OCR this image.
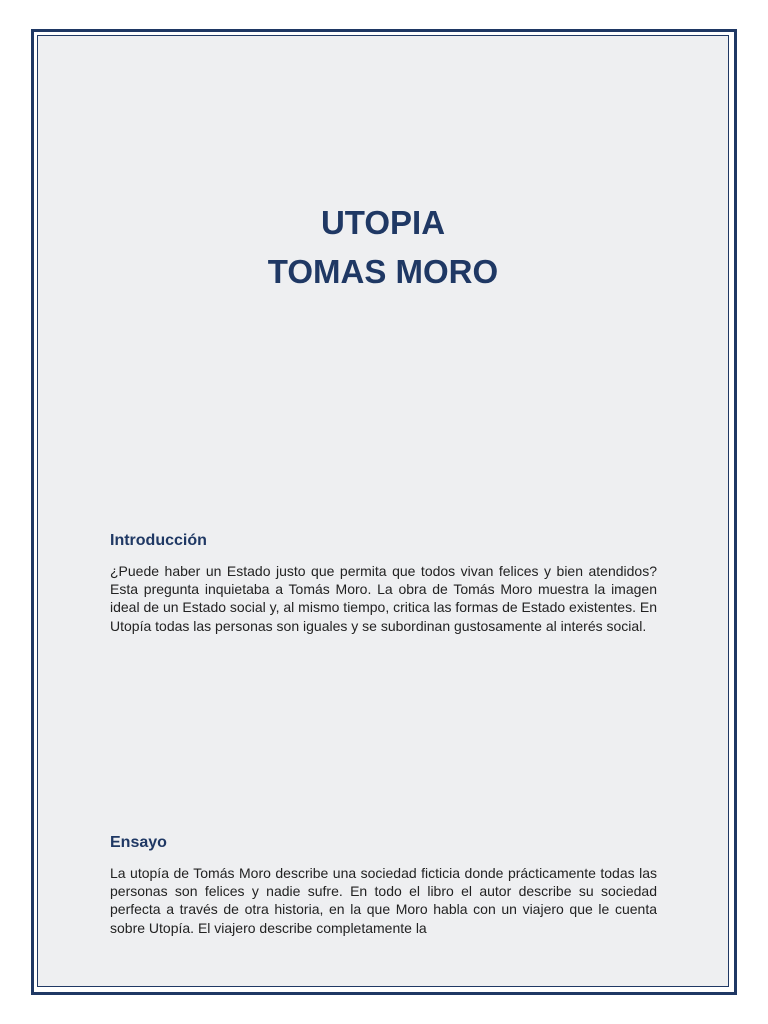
UTOPIA
TOMAS MORO
Introducción

¿Puede haber un Estado justo que permita que todos vivan felices y bien atendidos? Esta pregunta inquietaba a Tomás Moro. La obra de Tomás Moro muestra la imagen ideal de un Estado social y, al mismo tiempo, critica las formas de Estado existentes. En Utopía todas las personas son iguales y se subordinan gustosamente al interés social.

Ensayo

La utopía de Tomás Moro describe una sociedad ficticia donde prácticamente todas las personas son felices y nadie sufre. En todo el libro el autor describe su sociedad perfecta a través de otra historia, en la que Moro habla con un viajero que le cuenta sobre Utopía. El viajero describe completamente la
